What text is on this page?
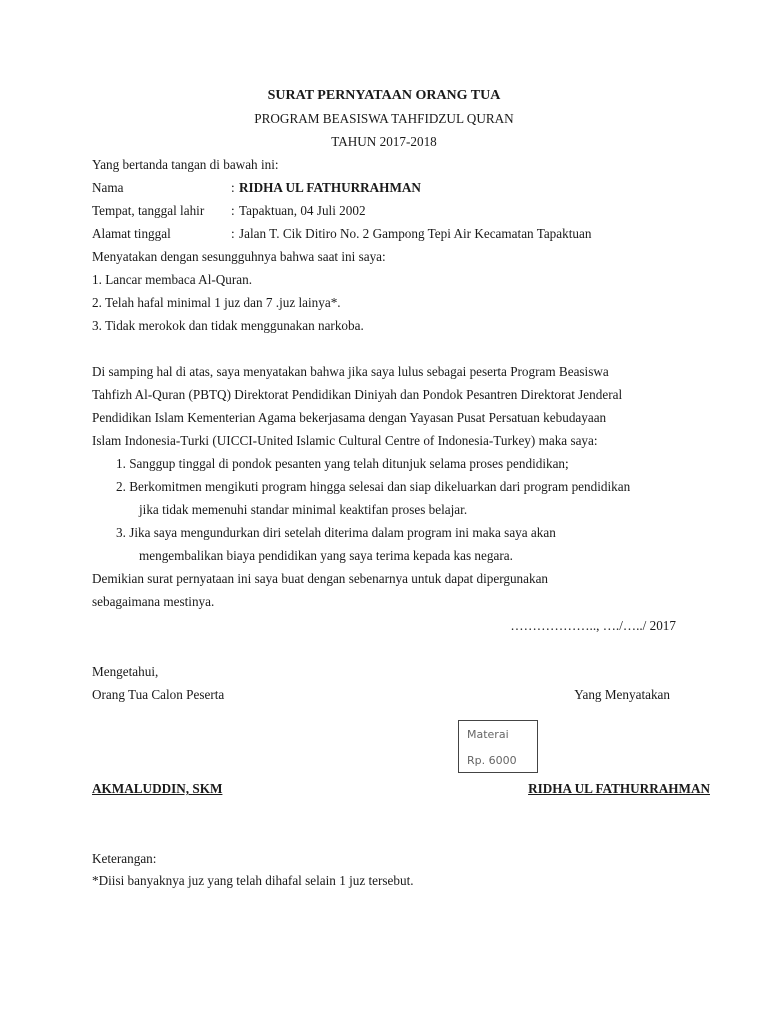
SURAT PERNYATAAN ORANG TUA
PROGRAM BEASISWA TAHFIDZUL QURAN
TAHUN 2017-2018
Yang bertanda tangan di bawah ini:
Nama	: RIDHA UL FATHURRAHMAN
Tempat, tanggal lahir : Tapaktuan, 04 Juli 2002
Alamat tinggal	: Jalan T. Cik Ditiro No. 2 Gampong Tepi Air Kecamatan Tapaktuan
Menyatakan dengan sesungguhnya bahwa saat ini saya:
1. Lancar membaca Al-Quran.
2. Telah hafal minimal 1 juz dan 7 .juz lainya*.
3. Tidak merokok dan tidak menggunakan narkoba.
Di samping hal di atas, saya menyatakan bahwa jika saya lulus sebagai peserta Program Beasiswa
Tahfizh Al-Quran (PBTQ) Direktorat Pendidikan Diniyah dan Pondok Pesantren Direktorat Jenderal
Pendidikan Islam Kementerian Agama bekerjasama dengan Yayasan Pusat Persatuan kebudayaan
Islam Indonesia-Turki (UICCI-United Islamic Cultural Centre of Indonesia-Turkey) maka saya:
1. Sanggup tinggal di pondok pesanten yang telah ditunjuk selama proses pendidikan;
2. Berkomitmen mengikuti program hingga selesai dan siap dikeluarkan dari program pendidikan
jika tidak memenuhi standar minimal keaktifan proses belajar.
3. Jika saya mengundurkan diri setelah diterima dalam program ini maka saya akan
mengembalikan biaya pendidikan yang saya terima kepada kas negara.
Demikian surat pernyataan ini saya buat dengan sebenarnya untuk dapat dipergunakan
sebagaimana mestinya.
……………….., …./…../ 2017
Mengetahui,
Orang Tua Calon Peserta	Yang Menyatakan
Materai
Rp. 6000
AKMALUDDIN, SKM	RIDHA UL FATHURRAHMAN
Keterangan:
*Diisi banyaknya juz yang telah dihafal selain 1 juz tersebut.
